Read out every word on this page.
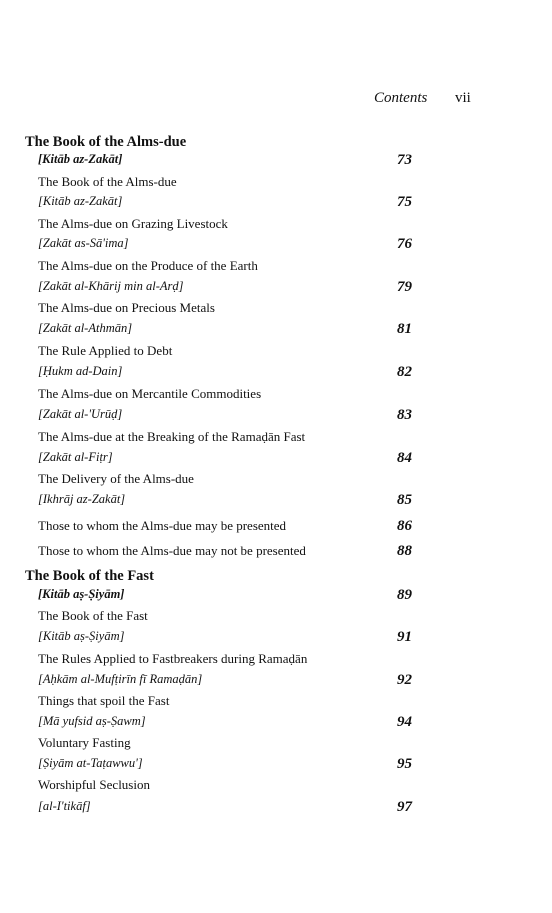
Contents vii
The Book of the Alms-due
[Kitāb az-Zakāt]	73
The Book of the Alms-due
[Kitāb az-Zakāt]	75
The Alms-due on Grazing Livestock
[Zakāt as-Sā'ima]	76
The Alms-due on the Produce of the Earth
[Zakāt al-Khārij min al-Arḍ]	79
The Alms-due on Precious Metals
[Zakāt al-Athmān]	81
The Rule Applied to Debt
[Ḥukm ad-Dain]	82
The Alms-due on Mercantile Commodities
[Zakāt al-'Urūḍ]	83
The Alms-due at the Breaking of the Ramaḍān Fast
[Zakāt al-Fiṭr]	84
The Delivery of the Alms-due
[Ikhrāj az-Zakāt]	85
Those to whom the Alms-due may be presented	86
Those to whom the Alms-due may not be presented	88
The Book of the Fast
[Kitāb aṣ-Ṣiyām]	89
The Book of the Fast
[Kitāb aṣ-Ṣiyām]	91
The Rules Applied to Fastbreakers during Ramaḍān
[Aḥkām al-Mufṭirīn fī Ramaḍān]	92
Things that spoil the Fast
[Mā yufsid aṣ-Ṣawm]	94
Voluntary Fasting
[Ṣiyām at-Taṭawwu']	95
Worshipful Seclusion
[al-I'tikāf]	97
